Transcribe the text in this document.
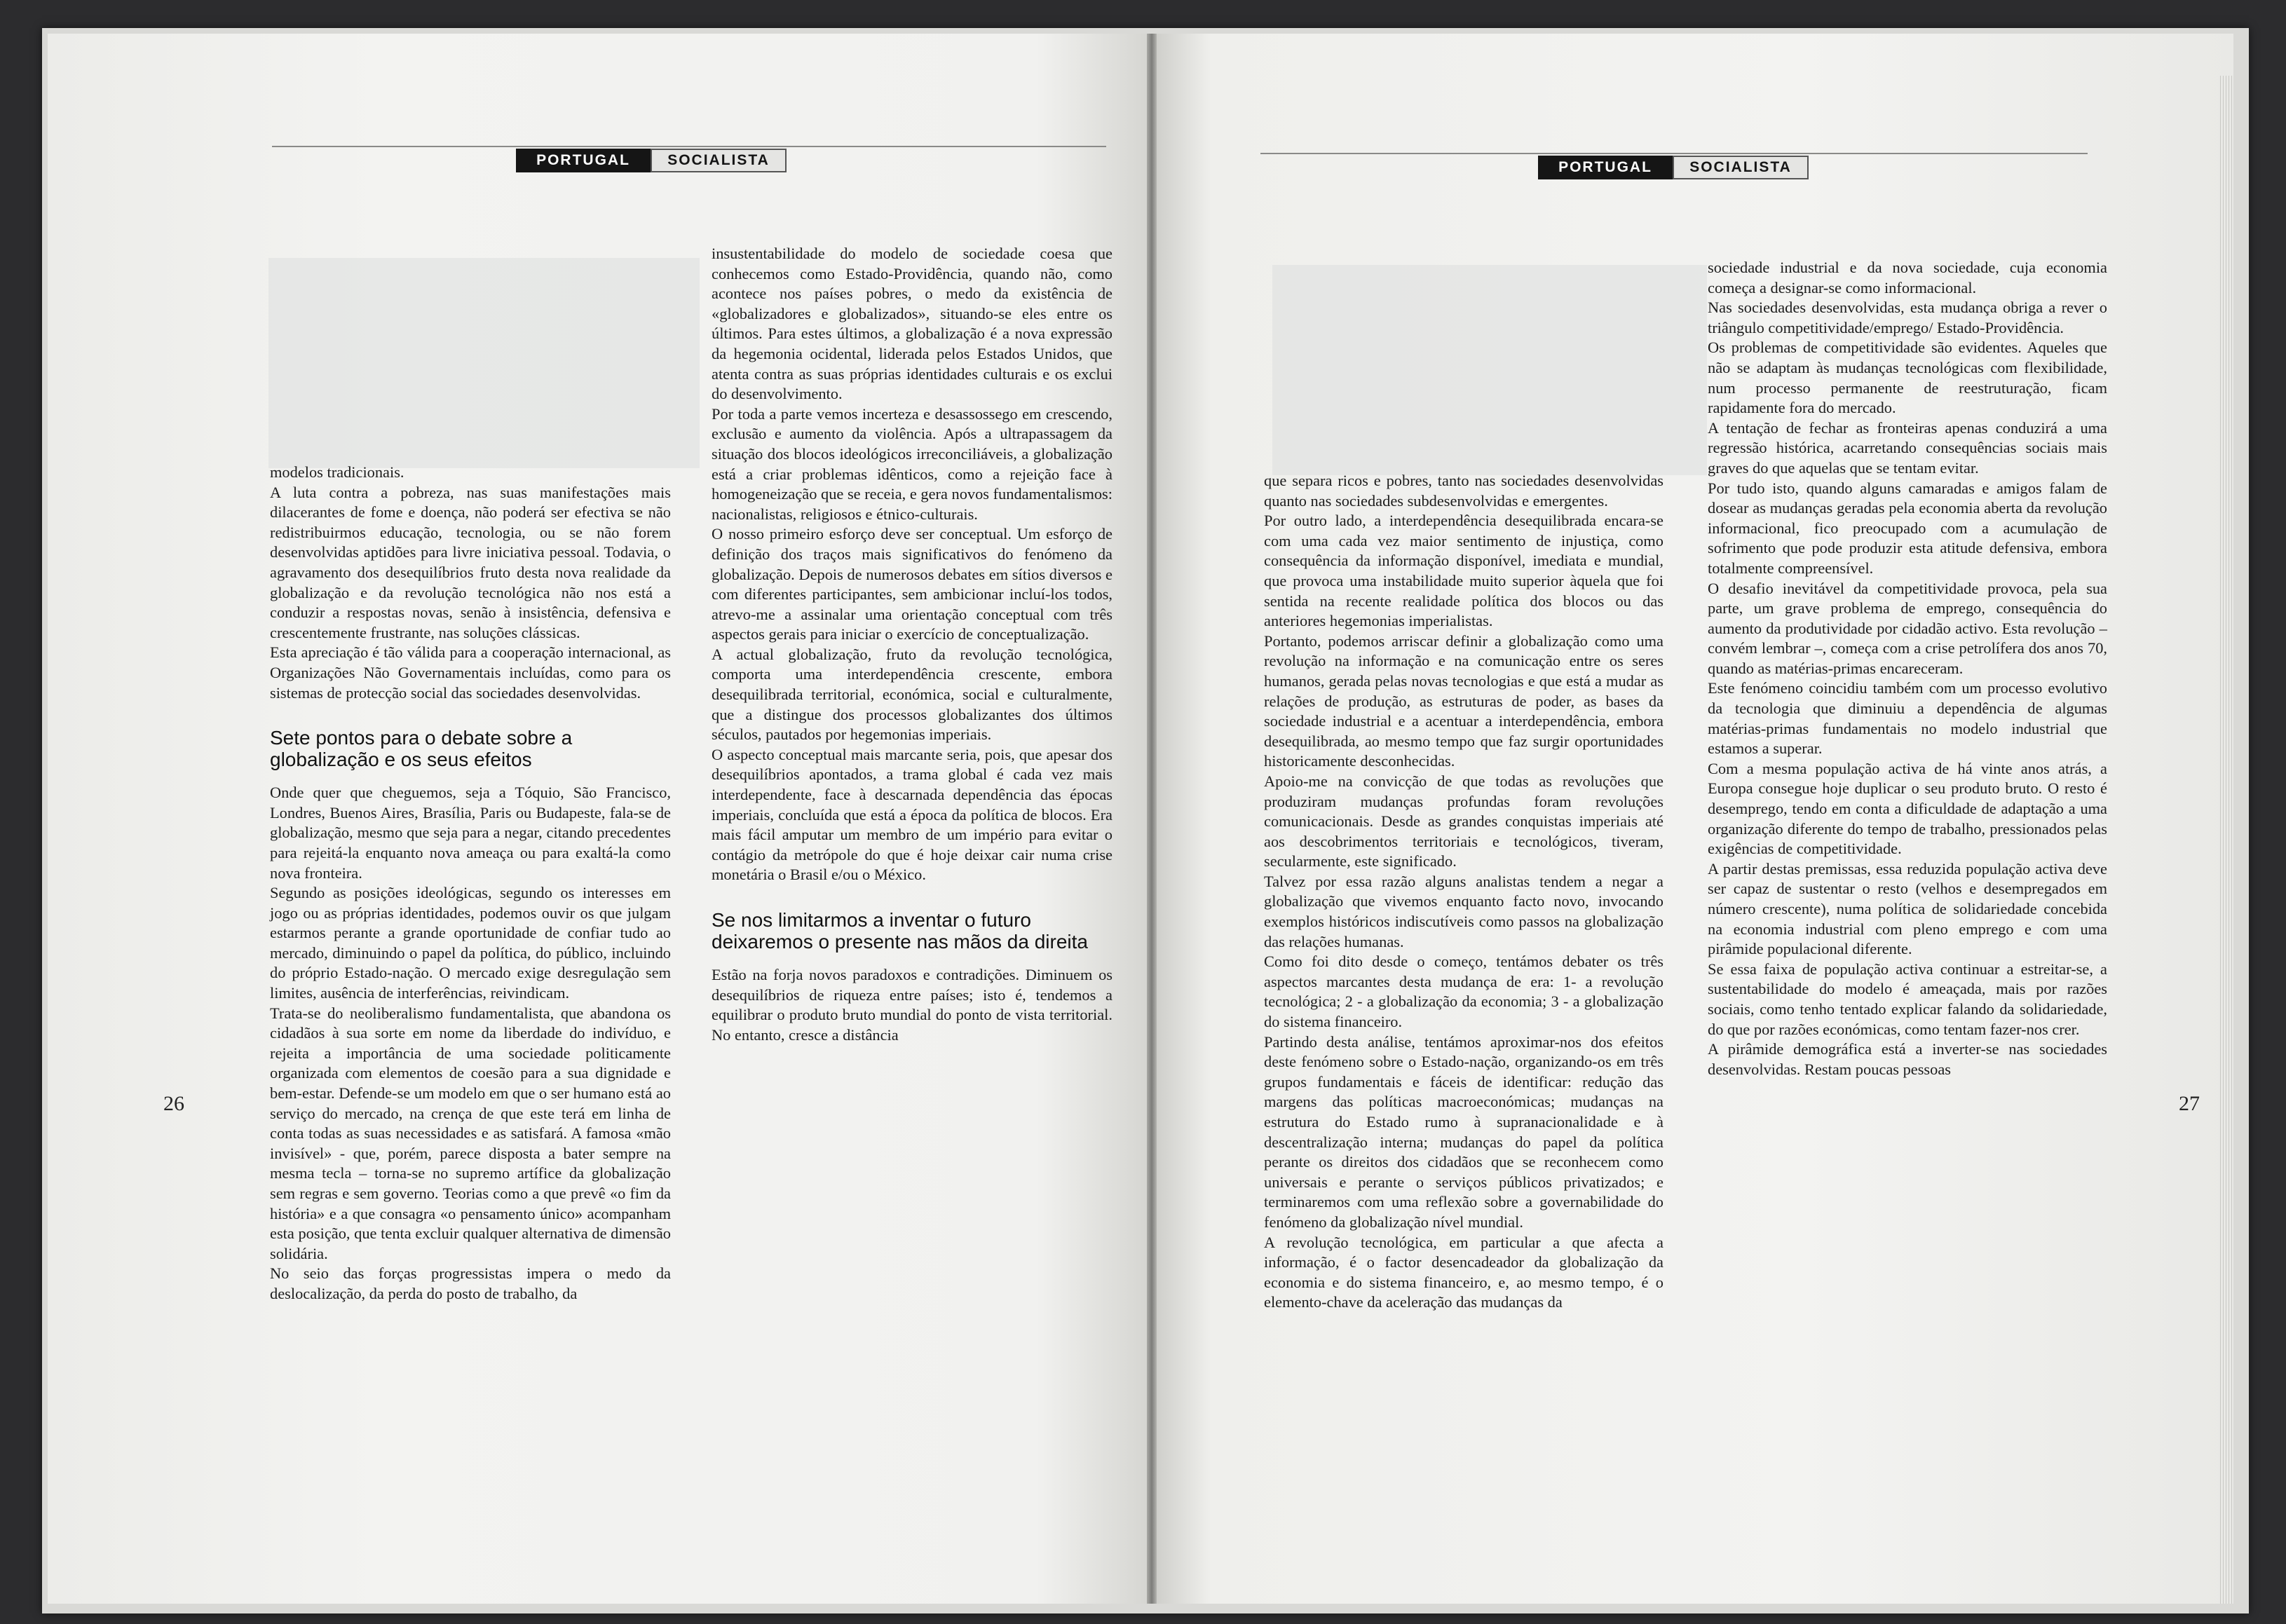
PORTUGAL	SOCIALISTA

modelos tradicionais.

A luta contra a pobreza, nas suas manifestações mais dilacerantes de fome e doença, não poderá ser efectiva se não redistribuirmos educação, tecnologia, ou se não forem desenvolvidas aptidões para livre iniciativa pessoal. Todavia, o agravamento dos desequilíbrios fruto desta nova realidade da globalização e da revolução tecnológica não nos está a conduzir a respostas novas, senão à insistência, defensiva e crescentemente frustrante, nas soluções clássicas.

Esta apreciação é tão válida para a cooperação internacional, as Organizações Não Governamentais incluídas, como para os sistemas de protecção social das sociedades desenvolvidas.

Sete pontos para o debate sobre a globalização e os seus efeitos

Onde quer que cheguemos, seja a Tóquio, São Francisco, Londres, Buenos Aires, Brasília, Paris ou Budapeste, fala-se de globalização, mesmo que seja para a negar, citando precedentes para rejeitá-la enquanto nova ameaça ou para exaltá-la como nova fronteira.

Segundo as posições ideológicas, segundo os interesses em jogo ou as próprias identidades, podemos ouvir os que julgam estarmos perante a grande oportunidade de confiar tudo ao mercado, diminuindo o papel da política, do público, incluindo do próprio Estado-nação. O mercado exige desregulação sem limites, ausência de interferências, reivindicam.

Trata-se do neoliberalismo fundamentalista, que abandona os cidadãos à sua sorte em nome da liberdade do indivíduo, e rejeita a importância de uma sociedade politicamente organizada com elementos de coesão para a sua dignidade e bem-estar. Defende-se um modelo em que o ser humano está ao serviço do mercado, na crença de que este terá em linha de conta todas as suas necessidades e as satisfará. A famosa «mão invisível» - que, porém, parece disposta a bater sempre na mesma tecla – torna-se no supremo artífice da globalização sem regras e sem governo. Teorias como a que prevê «o fim da história» e a que consagra «o pensamento único» acompanham esta posição, que tenta excluir qualquer alternativa de dimensão solidária.

No seio das forças progressistas impera o medo da deslocalização, da perda do posto de trabalho, da

insustentabilidade do modelo de sociedade coesa que conhecemos como Estado-Providência, quando não, como acontece nos países pobres, o medo da existência de «globalizadores e globalizados», situando-se eles entre os últimos. Para estes últimos, a globalização é a nova expressão da hegemonia ocidental, liderada pelos Estados Unidos, que atenta contra as suas próprias identidades culturais e os exclui do desenvolvimento.

Por toda a parte vemos incerteza e desassossego em crescendo, exclusão e aumento da violência. Após a ultrapassagem da situação dos blocos ideológicos irreconciliáveis, a globalização está a criar problemas idênticos, como a rejeição face à homogeneização que se receia, e gera novos fundamentalismos: nacionalistas, religiosos e étnico-culturais.

O nosso primeiro esforço deve ser conceptual. Um esforço de definição dos traços mais significativos do fenómeno da globalização. Depois de numerosos debates em sítios diversos e com diferentes participantes, sem ambicionar incluí-los todos, atrevo-me a assinalar uma orientação conceptual com três aspectos gerais para iniciar o exercício de conceptualização.

A actual globalização, fruto da revolução tecnológica, comporta uma interdependência crescente, embora desequilibrada territorial, económica, social e culturalmente, que a distingue dos processos globalizantes dos últimos séculos, pautados por hegemonias imperiais.

O aspecto conceptual mais marcante seria, pois, que apesar dos desequilíbrios apontados, a trama global é cada vez mais interdependente, face à descarnada dependência das épocas imperiais, concluída que está a época da política de blocos. Era mais fácil amputar um membro de um império para evitar o contágio da metrópole do que é hoje deixar cair numa crise monetária o Brasil e/ou o México.

Se nos limitarmos a inventar o futuro deixaremos o presente nas mãos da direita

Estão na forja novos paradoxos e contradições. Diminuem os desequilíbrios de riqueza entre países; isto é, tendemos a equilibrar o produto bruto mundial do ponto de vista territorial. No entanto, cresce a distância

26
PORTUGAL	SOCIALISTA

que separa ricos e pobres, tanto nas sociedades desenvolvidas quanto nas sociedades subdesenvolvidas e emergentes.

Por outro lado, a interdependência desequilibrada encara-se com uma cada vez maior sentimento de injustiça, como consequência da informação disponível, imediata e mundial, que provoca uma instabilidade muito superior àquela que foi sentida na recente realidade política dos blocos ou das anteriores hegemonias imperialistas.

Portanto, podemos arriscar definir a globalização como uma revolução na informação e na comunicação entre os seres humanos, gerada pelas novas tecnologias e que está a mudar as relações de produção, as estruturas de poder, as bases da sociedade industrial e a acentuar a interdependência, embora desequilibrada, ao mesmo tempo que faz surgir oportunidades historicamente desconhecidas.

Apoio-me na convicção de que todas as revoluções que produziram mudanças profundas foram revoluções comunicacionais. Desde as grandes conquistas imperiais até aos descobrimentos territoriais e tecnológicos, tiveram, secularmente, este significado.

Talvez por essa razão alguns analistas tendem a negar a globalização que vivemos enquanto facto novo, invocando exemplos históricos indiscutíveis como passos na globalização das relações humanas.

Como foi dito desde o começo, tentámos debater os três aspectos marcantes desta mudança de era: 1- a revolução tecnológica; 2 - a globalização da economia; 3 - a globalização do sistema financeiro.

Partindo desta análise, tentámos aproximar-nos dos efeitos deste fenómeno sobre o Estado-nação, organizando-os em três grupos fundamentais e fáceis de identificar: redução das margens das políticas macroeconómicas; mudanças na estrutura do Estado rumo à supranacionalidade e à descentralização interna; mudanças do papel da política perante os direitos dos cidadãos que se reconhecem como universais e perante o serviços públicos privatizados; e terminaremos com uma reflexão sobre a governabilidade do fenómeno da globalização nível mundial.

A revolução tecnológica, em particular a que afecta a informação, é o factor desencadeador da globalização da economia e do sistema financeiro, e, ao mesmo tempo, é o elemento-chave da aceleração das mudanças da

sociedade industrial e da nova sociedade, cuja economia começa a designar-se como informacional.

Nas sociedades desenvolvidas, esta mudança obriga a rever o triângulo competitividade/emprego/ Estado-Providência.

Os problemas de competitividade são evidentes. Aqueles que não se adaptam às mudanças tecnológicas com flexibilidade, num processo permanente de reestruturação, ficam rapidamente fora do mercado.

A tentação de fechar as fronteiras apenas conduzirá a uma regressão histórica, acarretando consequências sociais mais graves do que aquelas que se tentam evitar.

Por tudo isto, quando alguns camaradas e amigos falam de dosear as mudanças geradas pela economia aberta da revolução informacional, fico preocupado com a acumulação de sofrimento que pode produzir esta atitude defensiva, embora totalmente compreensível.

O desafio inevitável da competitividade provoca, pela sua parte, um grave problema de emprego, consequência do aumento da produtividade por cidadão activo. Esta revolução – convém lembrar –, começa com a crise petrolífera dos anos 70, quando as matérias-primas encareceram.

Este fenómeno coincidiu também com um processo evolutivo da tecnologia que diminuiu a dependência de algumas matérias-primas fundamentais no modelo industrial que estamos a superar.

Com a mesma população activa de há vinte anos atrás, a Europa consegue hoje duplicar o seu produto bruto. O resto é desemprego, tendo em conta a dificuldade de adaptação a uma organização diferente do tempo de trabalho, pressionados pelas exigências de competitividade.

A partir destas premissas, essa reduzida população activa deve ser capaz de sustentar o resto (velhos e desempregados em número crescente), numa política de solidariedade concebida na economia industrial com pleno emprego e com uma pirâmide populacional diferente.

Se essa faixa de população activa continuar a estreitar-se, a sustentabilidade do modelo é ameaçada, mais por razões sociais, como tenho tentado explicar falando da solidariedade, do que por razões económicas, como tentam fazer-nos crer.

A pirâmide demográfica está a inverter-se nas sociedades desenvolvidas. Restam poucas pessoas

27
